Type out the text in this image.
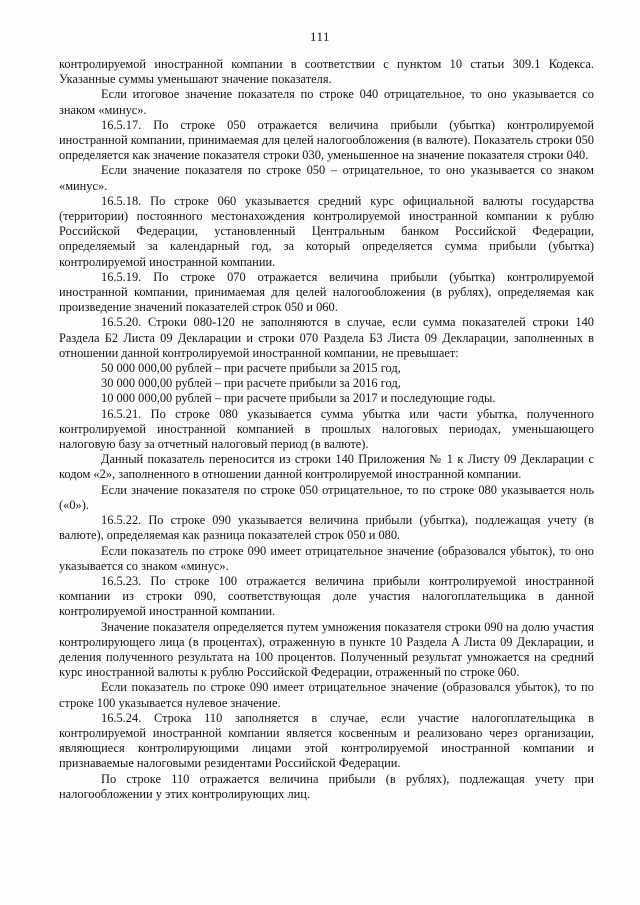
111

контролируемой иностранной компании в соответствии с пунктом 10 статьи 309.1 Кодекса. Указанные суммы уменьшают значение показателя.

Если итоговое значение показателя по строке 040 отрицательное, то оно указывается со знаком «минус».

16.5.17. По строке 050 отражается величина прибыли (убытка) контролируемой иностранной компании, принимаемая для целей налогообложения (в валюте). Показатель строки 050 определяется как значение показателя строки 030, уменьшенное на значение показателя строки 040.

Если значение показателя по строке 050 – отрицательное, то оно указывается со знаком «минус».

16.5.18. По строке 060 указывается средний курс официальной валюты государства (территории) постоянного местонахождения контролируемой иностранной компании к рублю Российской Федерации, установленный Центральным банком Российской Федерации, определяемый за календарный год, за который определяется сумма прибыли (убытка) контролируемой иностранной компании.

16.5.19. По строке 070 отражается величина прибыли (убытка) контролируемой иностранной компании, принимаемая для целей налогообложения (в рублях), определяемая как произведение значений показателей строк 050 и 060.

16.5.20. Строки 080-120 не заполняются в случае, если сумма показателей строки 140 Раздела Б2 Листа 09 Декларации и строки 070 Раздела Б3 Листа 09 Декларации, заполненных в отношении данной контролируемой иностранной компании, не превышает:

50 000 000,00 рублей – при расчете прибыли за 2015 год,

30 000 000,00 рублей – при расчете прибыли за 2016 год,

10 000 000,00 рублей – при расчете прибыли за 2017 и последующие годы.

16.5.21. По строке 080 указывается сумма убытка или части убытка, полученного контролируемой иностранной компанией в прошлых налоговых периодах, уменьшающего налоговую базу за отчетный налоговый период (в валюте).

Данный показатель переносится из строки 140 Приложения № 1 к Листу 09 Декларации с кодом «2», заполненного в отношении данной контролируемой иностранной компании.

Если значение показателя по строке 050 отрицательное, то по строке 080 указывается ноль («0»).

16.5.22. По строке 090 указывается величина прибыли (убытка), подлежащая учету (в валюте), определяемая как разница показателей строк 050 и 080.

Если показатель по строке 090 имеет отрицательное значение (образовался убыток), то оно указывается со знаком «минус».

16.5.23. По строке 100 отражается величина прибыли контролируемой иностранной компании из строки 090, соответствующая доле участия налогоплательщика в данной контролируемой иностранной компании.

Значение показателя определяется путем умножения показателя строки 090 на долю участия контролирующего лица (в процентах), отраженную в пункте 10 Раздела А Листа 09 Декларации, и деления полученного результата на 100 процентов. Полученный результат умножается на средний курс иностранной валюты к рублю Российской Федерации, отраженный по строке 060.

Если показатель по строке 090 имеет отрицательное значение (образовался убыток), то по строке 100 указывается нулевое значение.

16.5.24. Строка 110 заполняется в случае, если участие налогоплательщика в контролируемой иностранной компании является косвенным и реализовано через организации, являющиеся контролирующими лицами этой контролируемой иностранной компании и признаваемые налоговыми резидентами Российской Федерации.

По строке 110 отражается величина прибыли (в рублях), подлежащая учету при налогообложении у этих контролирующих лиц.
